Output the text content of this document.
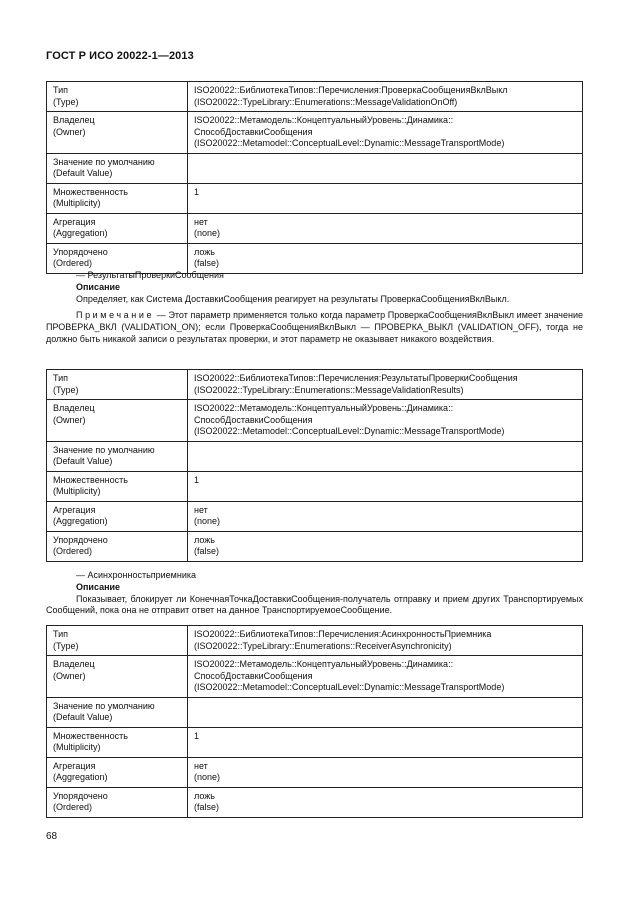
ГОСТ Р ИСО 20022-1—2013
Тип
(Type)	ISO20022::БиблиотекаТипов::Перечисления:ПроверкаСообщенияВклВыкл
(ISO20022::TypeLibrary::Enumerations::MessageValidationOnOff)

Владелец
(Owner)	ISO20022::Метамодель::КонцептуальныйУровень::Динамика::
СпособДоставкиСообщения
(ISO20022::Metamodel::ConceptualLevel::Dynamic::MessageTransportMode)

Значение по умолчанию
(Default Value)	

Множественность
(Multiplicity)	1

Агрегация
(Aggregation)	нет
(none)

Упорядочено
(Ordered)	ложь
(false)
— РезультатыПроверкиСообщения
Описание
Определяет, как Система ДоставкиСообщения реагирует на результаты ПроверкаСообщенияВклВыкл.
Примечание — Этот параметр применяется только когда параметр ПроверкаСообщенияВклВыкл имеет значение ПРОВЕРКА_ВКЛ (VALIDATION_ON); если ПроверкаСообщенияВклВыкл — ПРОВЕРКА_ВЫКЛ (VALIDATION_OFF), тогда не должно быть никакой записи о результатах проверки, и этот параметр не оказывает никакого воздействия.
Тип
(Type)	ISO20022::БиблиотекаТипов::Перечисления:РезультатыПроверкиСообщения
(ISO20022::TypeLibrary::Enumerations::MessageValidationResults)

Владелец
(Owner)	ISO20022::Метамодель::КонцептуальныйУровень::Динамика::
СпособДоставкиСообщения
(ISO20022::Metamodel::ConceptualLevel::Dynamic::MessageTransportMode)

Значение по умолчанию
(Default Value)	

Множественность
(Multiplicity)	1

Агрегация
(Aggregation)	нет
(none)

Упорядочено
(Ordered)	ложь
(false)
— Асинхронностьприемника
Описание
Показывает, блокирует ли КонечнаяТочкаДоставкиСообщения-получатель отправку и прием других Транспортируемых Сообщений, пока она не отправит ответ на данное ТранспортируемоеСообщение.
Тип
(Type)	ISO20022::БиблиотекаТипов::Перечисления:АсинхронностьПриемника
(ISO20022::TypeLibrary::Enumerations::ReceiverAsynchronicity)

Владелец
(Owner)	ISO20022::Метамодель::КонцептуальныйУровень::Динамика::
СпособДоставкиСообщения
(ISO20022::Metamodel::ConceptualLevel::Dynamic::MessageTransportMode)

Значение по умолчанию
(Default Value)	

Множественность
(Multiplicity)	1

Агрегация
(Aggregation)	нет
(none)

Упорядочено
(Ordered)	ложь
(false)
68
